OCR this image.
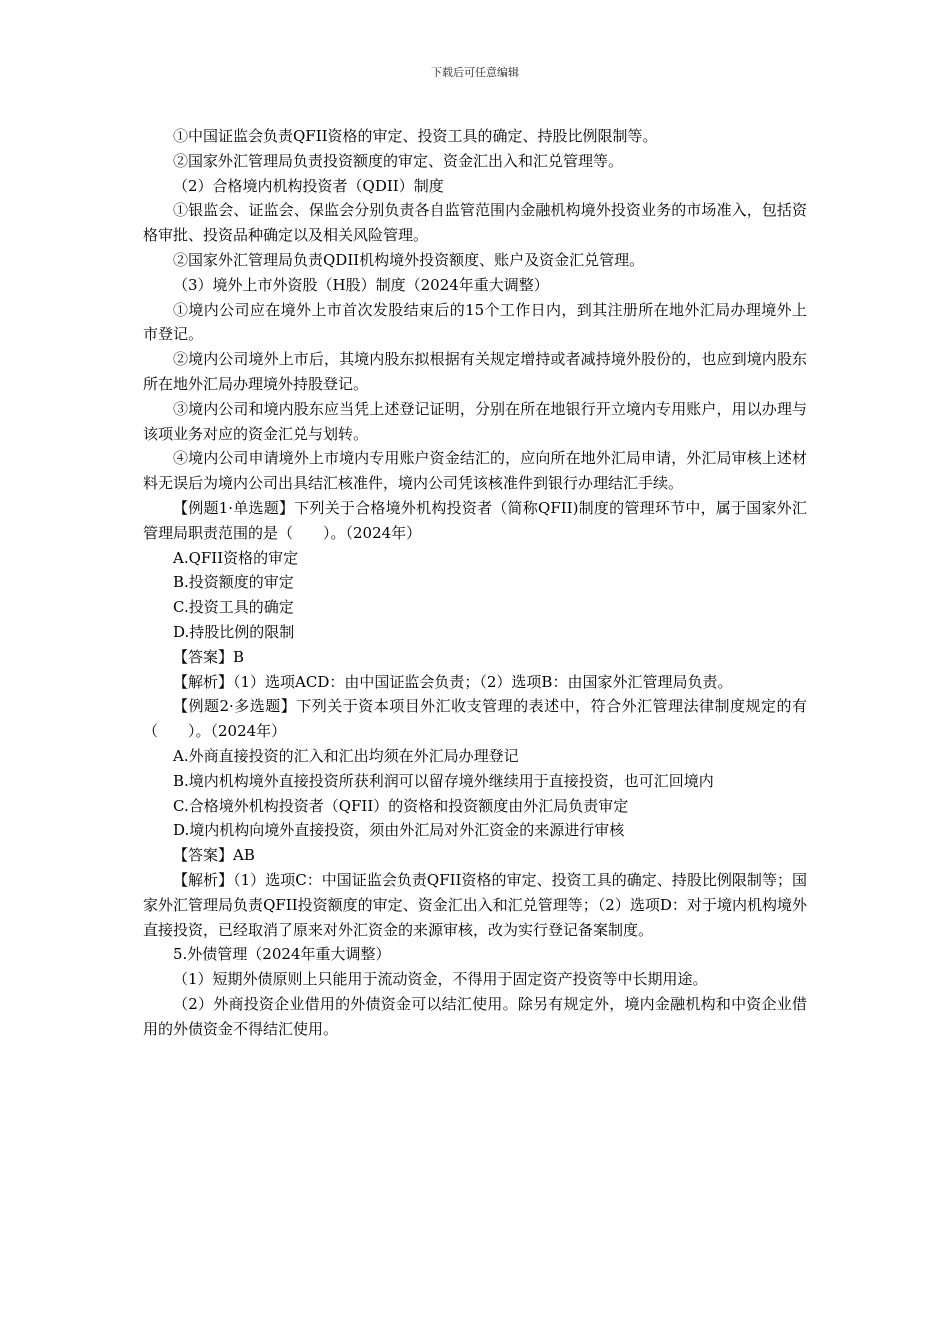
下载后可任意编辑

①中国证监会负责QFII资格的审定、投资工具的确定、持股比例限制等。

②国家外汇管理局负责投资额度的审定、资金汇出入和汇兑管理等。

（2）合格境内机构投资者（QDII）制度

①银监会、证监会、保监会分别负责各自监管范围内金融机构境外投资业务的市场准入，包括资格审批、投资品种确定以及相关风险管理。

②国家外汇管理局负责QDII机构境外投资额度、账户及资金汇兑管理。

（3）境外上市外资股（H股）制度（2024年重大调整）

①境内公司应在境外上市首次发股结束后的15个工作日内，到其注册所在地外汇局办理境外上市登记。

②境内公司境外上市后，其境内股东拟根据有关规定增持或者减持境外股份的，也应到境内股东所在地外汇局办理境外持股登记。

③境内公司和境内股东应当凭上述登记证明，分别在所在地银行开立境内专用账户，用以办理与该项业务对应的资金汇兑与划转。

④境内公司申请境外上市境内专用账户资金结汇的，应向所在地外汇局申请，外汇局审核上述材料无误后为境内公司出具结汇核准件，境内公司凭该核准件到银行办理结汇手续。

【例题1·单选题】下列关于合格境外机构投资者（简称QFII)制度的管理环节中，属于国家外汇管理局职责范围的是（　　）。（2024年）

A.QFII资格的审定

B.投资额度的审定

C.投资工具的确定

D.持股比例的限制

【答案】B

【解析】（1）选项ACD：由中国证监会负责；（2）选项B：由国家外汇管理局负责。

【例题2·多选题】下列关于资本项目外汇收支管理的表述中，符合外汇管理法律制度规定的有（　　）。（2024年）

A.外商直接投资的汇入和汇出均须在外汇局办理登记

B.境内机构境外直接投资所获利润可以留存境外继续用于直接投资，也可汇回境内

C.合格境外机构投资者（QFII）的资格和投资额度由外汇局负责审定

D.境内机构向境外直接投资，须由外汇局对外汇资金的来源进行审核

【答案】AB

【解析】（1）选项C：中国证监会负责QFII资格的审定、投资工具的确定、持股比例限制等；国家外汇管理局负责QFII投资额度的审定、资金汇出入和汇兑管理等；（2）选项D：对于境内机构境外直接投资，已经取消了原来对外汇资金的来源审核，改为实行登记备案制度。

5.外债管理（2024年重大调整）

（1）短期外债原则上只能用于流动资金，不得用于固定资产投资等中长期用途。

（2）外商投资企业借用的外债资金可以结汇使用。除另有规定外，境内金融机构和中资企业借用的外债资金不得结汇使用。
